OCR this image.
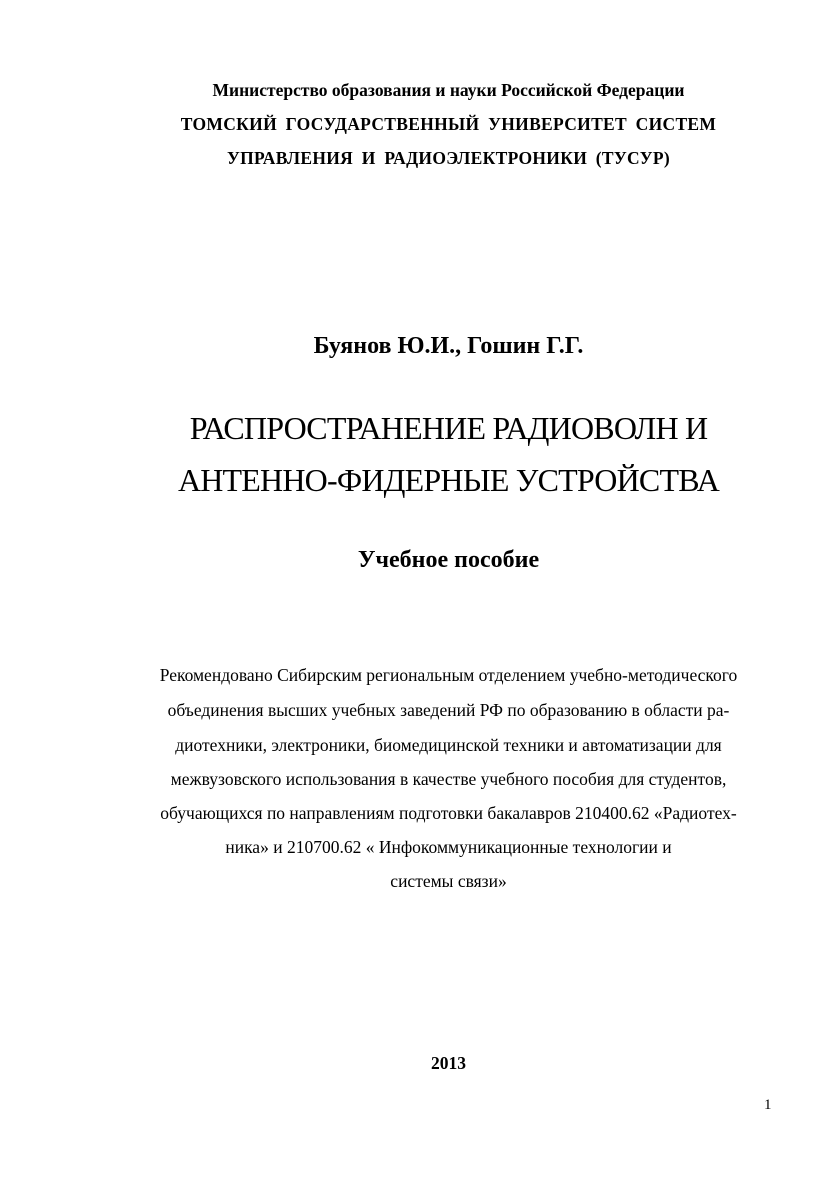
Министерство образования и науки Российской Федерации

ТОМСКИЙ ГОСУДАРСТВЕННЫЙ УНИВЕРСИТЕТ СИСТЕМ

УПРАВЛЕНИЯ И РАДИОЭЛЕКТРОНИКИ (ТУСУР)

Буянов Ю.И., Гошин Г.Г.

РАСПРОСТРАНЕНИЕ РАДИОВОЛН И

АНТЕННО-ФИДЕРНЫЕ УСТРОЙСТВА

Учебное пособие

Рекомендовано Сибирским региональным отделением учебно-методического

объединения высших учебных заведений РФ по образованию в области ра-

диотехники, электроники, биомедицинской техники и автоматизации для

межвузовского использования в качестве учебного пособия для студентов,

обучающихся по направлениям подготовки бакалавров 210400.62 «Радиотех-

ника» и 210700.62 « Инфокоммуникационные технологии и

системы связи»

2013

1
